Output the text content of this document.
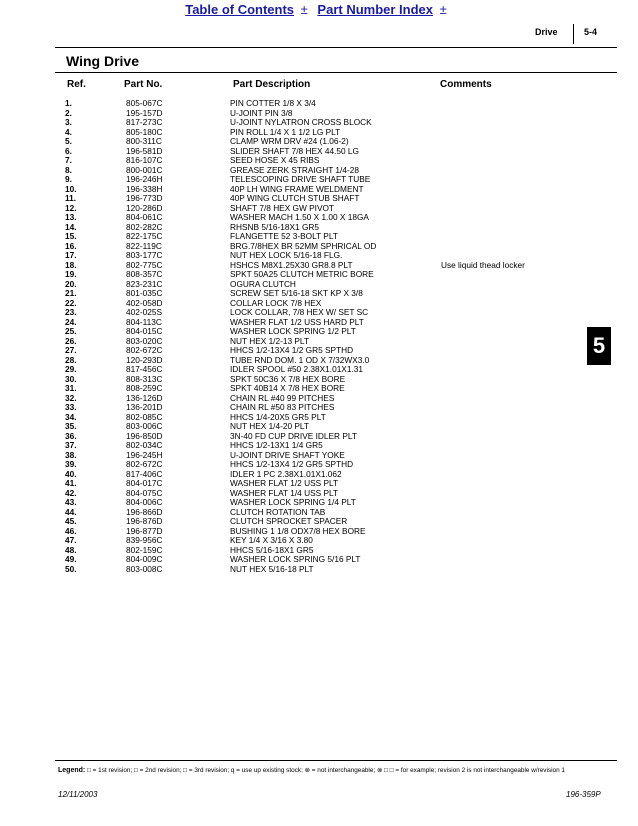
Table of Contents ± Part Number Index ±
Drive	5-4
Wing Drive
Ref.	Part No.	Part Description	Comments
1.	805-067C	PIN COTTER 1/8 X 3/4
2.	195-157D	U-JOINT PIN 3/8
3.	817-273C	U-JOINT NYLATRON CROSS BLOCK
4.	805-180C	PIN ROLL 1/4 X 1 1/2 LG PLT
5.	800-311C	CLAMP WRM DRV #24 (1.06-2)
6.	196-581D	SLIDER SHAFT 7/8 HEX 44.50 LG
7.	816-107C	SEED HOSE X 45 RIBS
8.	800-001C	GREASE ZERK STRAIGHT 1/4-28
9.	196-246H	TELESCOPING DRIVE SHAFT TUBE
10.	196-338H	40P LH WING FRAME WELDMENT
11.	196-773D	40P WING CLUTCH STUB SHAFT
12.	120-286D	SHAFT 7/8 HEX GW PIVOT
13.	804-061C	WASHER MACH 1.50 X 1.00 X 18GA
14.	802-282C	RHSNB 5/16-18X1 GR5
15.	822-175C	FLANGETTE 52 3-BOLT PLT
16.	822-119C	BRG.7/8HEX BR 52MM SPHRICAL OD
17.	803-177C	NUT HEX LOCK 5/16-18 FLG.
18.	802-775C	HSHCS M8X1.25X30 GR8.8 PLT	Use liquid thead locker
19.	808-357C	SPKT 50A25 CLUTCH METRIC BORE
20.	823-231C	OGURA CLUTCH
21.	801-035C	SCREW SET 5/16-18 SKT KP X 3/8
22.	402-058D	COLLAR LOCK 7/8 HEX
23.	402-025S	LOCK COLLAR, 7/8 HEX W/ SET SC
24.	804-113C	WASHER FLAT 1/2 USS HARD PLT
25.	804-015C	WASHER LOCK SPRING 1/2 PLT
26.	803-020C	NUT HEX 1/2-13 PLT
27.	802-672C	HHCS 1/2-13X4 1/2 GR5 SPTHD
28.	120-293D	TUBE RND DOM. 1 OD X 7/32WX3.0
29.	817-456C	IDLER SPOOL #50 2.38X1.01X1.31
30.	808-313C	SPKT 50C36 X 7/8 HEX BORE
31.	808-259C	SPKT 40B14 X 7/8 HEX BORE
32.	136-126D	CHAIN RL #40 99 PITCHES
33.	136-201D	CHAIN RL #50 83 PITCHES
34.	802-085C	HHCS 1/4-20X5 GR5 PLT
35.	803-006C	NUT HEX 1/4-20 PLT
36.	196-850D	3N-40 FD CUP DRIVE IDLER PLT
37.	802-034C	HHCS 1/2-13X1 1/4 GR5
38.	196-245H	U-JOINT DRIVE SHAFT YOKE
39.	802-672C	HHCS 1/2-13X4 1/2 GR5 SPTHD
40.	817-406C	IDLER 1 PC 2.38X1.01X1.062
41.	804-017C	WASHER FLAT 1/2 USS PLT
42.	804-075C	WASHER FLAT 1/4 USS PLT
43.	804-006C	WASHER LOCK SPRING 1/4 PLT
44.	196-866D	CLUTCH ROTATION TAB
45.	196-876D	CLUTCH SPROCKET SPACER
46.	196-877D	BUSHING 1 1/8 ODX7/8 HEX BORE
47.	839-956C	KEY 1/4 X 3/16 X 3.80
48.	802-159C	HHCS 5/16-18X1 GR5
49.	804-009C	WASHER LOCK SPRING 5/16 PLT
50.	803-008C	NUT HEX 5/16-18 PLT
5
Legend: □ = 1st revision; □ = 2nd revision; □ = 3rd revision; q = use up existing stock; ⊗ = not interchangeable; ⊗ □ □ = for example; revision 2 is not interchangeable w/revision 1
12/11/2003	196-359P
